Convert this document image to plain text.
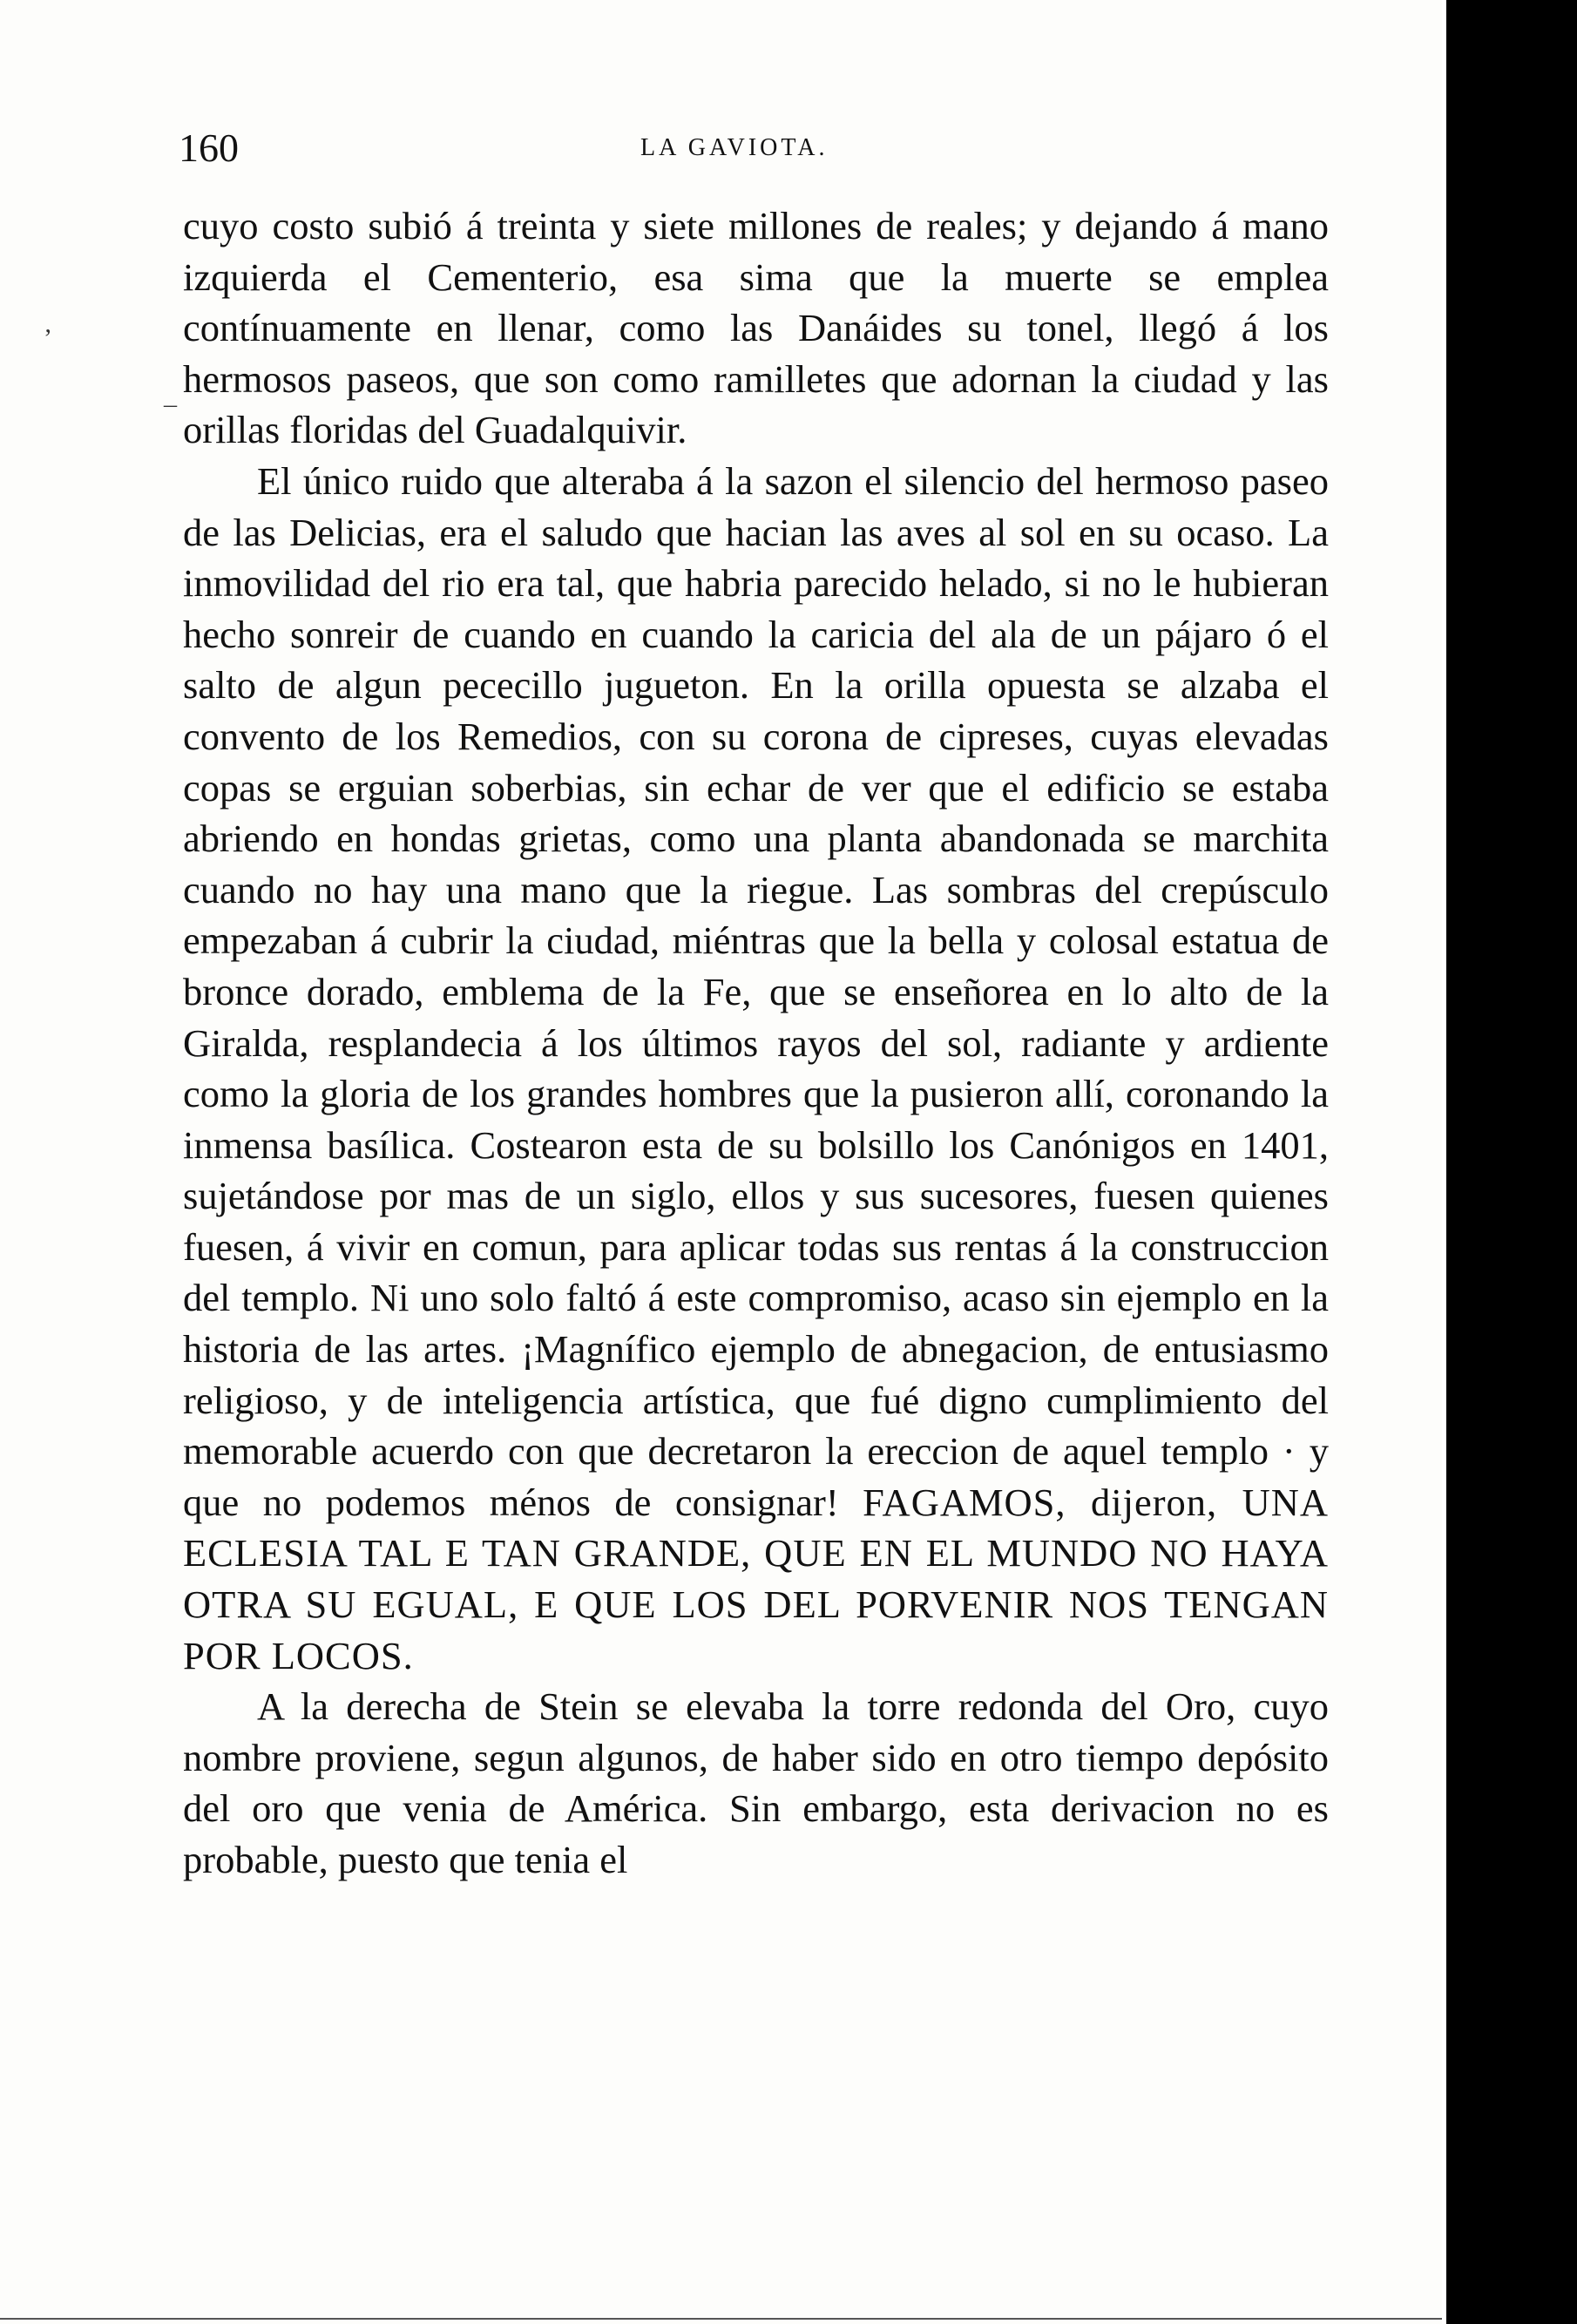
160	LA GAVIOTA.
‚
¯

cuyo costo subió á treinta y siete millones de reales; y dejando á mano izquierda el Cementerio, esa sima que la muerte se emplea contínuamente en llenar, como las Danáides su tonel, llegó á los hermosos paseos, que son como ramilletes que adornan la ciudad y las orillas floridas del Guadalquivir.

El único ruido que alteraba á la sazon el silencio del hermoso paseo de las Delicias, era el saludo que hacian las aves al sol en su ocaso. La inmovilidad del rio era tal, que habria parecido helado, si no le hubieran hecho sonreir de cuando en cuando la caricia del ala de un pájaro ó el salto de algun pececillo jugueton. En la orilla opuesta se alzaba el convento de los Remedios, con su corona de cipreses, cuyas elevadas copas se erguian soberbias, sin echar de ver que el edificio se estaba abriendo en hondas grietas, como una planta abandonada se marchita cuando no hay una mano que la riegue. Las sombras del crepúsculo empezaban á cubrir la ciudad, miéntras que la bella y colosal estatua de bronce dorado, emblema de la Fe, que se enseñorea en lo alto de la Giralda, resplandecia á los últimos rayos del sol, radiante y ardiente como la gloria de los grandes hombres que la pusieron allí, coronando la inmensa basílica. Costearon esta de su bolsillo los Canónigos en 1401, sujetándose por mas de un siglo, ellos y sus sucesores, fuesen quienes fuesen, á vivir en comun, para aplicar todas sus rentas á la construccion del templo. Ni uno solo faltó á este compromiso, acaso sin ejemplo en la historia de las artes. ¡Magnífico ejemplo de abnegacion, de entusiasmo religioso, y de inteligencia artística, que fué digno cumplimiento del memorable acuerdo con que decretaron la ereccion de aquel templo · y que no podemos ménos de consignar! FAGAMOS, dijeron, UNA ECLESIA TAL E TAN GRANDE, QUE EN EL MUNDO NO HAYA OTRA SU EGUAL, E QUE LOS DEL PORVENIR NOS TENGAN POR LOCOS.

A la derecha de Stein se elevaba la torre redonda del Oro, cuyo nombre proviene, segun algunos, de haber sido en otro tiempo depósito del oro que venia de América. Sin embargo, esta derivacion no es probable, puesto que tenia el
